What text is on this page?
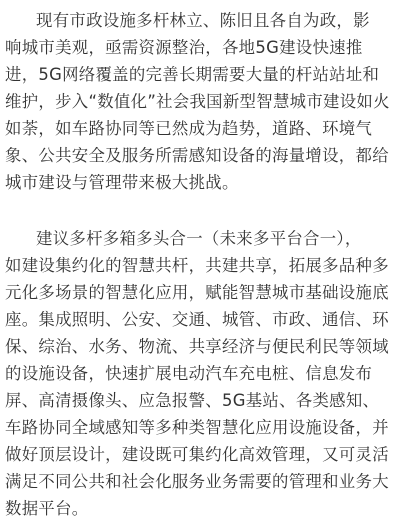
现有市政设施多杆林立、陈旧且各自为政，影
响城市美观，亟需资源整治，各地5G建设快速推
进，5G网络覆盖的完善长期需要大量的杆站站址和
维护，步入“数值化”社会我国新型智慧城市建设如火
如荼，如车路协同等已然成为趋势，道路、环境气
象、公共安全及服务所需感知设备的海量增设，都给
城市建设与管理带来极大挑战。
建议多杆多箱多头合一（未来多平台合一），
如建设集约化的智慧共杆，共建共享，拓展多品种多
元化多场景的智慧化应用，赋能智慧城市基础设施底
座。集成照明、公安、交通、城管、市政、通信、环
保、综治、水务、物流、共享经济与便民利民等领域
的设施设备，快速扩展电动汽车充电桩、信息发布
屏、高清摄像头、应急报警、5G基站、各类感知、
车路协同全域感知等多种类智慧化应用设施设备，并
做好顶层设计，建设既可集约化高效管理，又可灵活
满足不同公共和社会化服务业务需要的管理和业务大
数据平台。
